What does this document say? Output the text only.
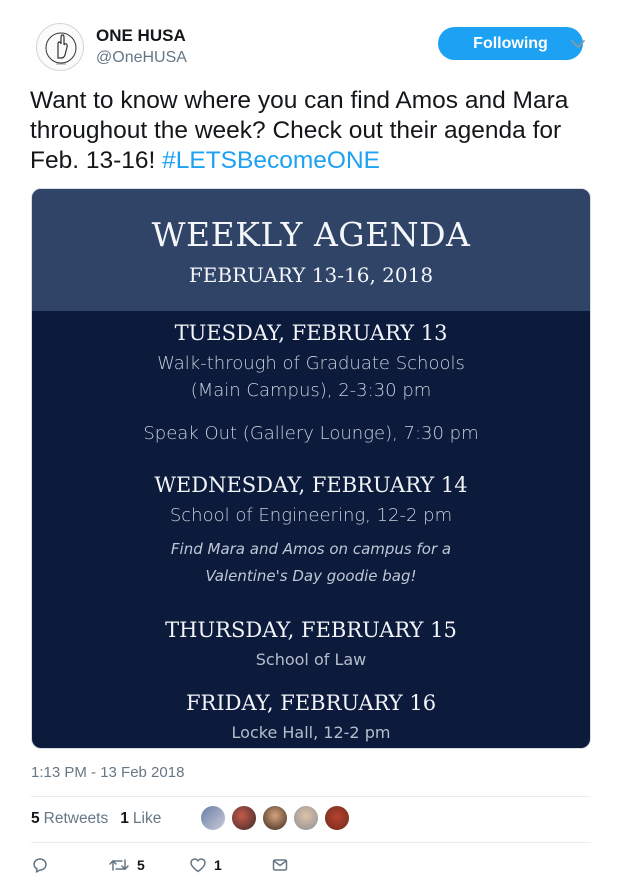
ONE HUSA
@OneHUSA
Following
Want to know where you can find Amos and Mara throughout the week? Check out their agenda for Feb. 13-16! #LETSBecomeONE
WEEKLY AGENDA
FEBRUARY 13-16, 2018
TUESDAY, FEBRUARY 13
Walk-through of Graduate Schools
(Main Campus), 2-3:30 pm
Speak Out (Gallery Lounge), 7:30 pm
WEDNESDAY, FEBRUARY 14
School of Engineering, 12-2 pm
Find Mara and Amos on campus for a
Valentine's Day goodie bag!
THURSDAY, FEBRUARY 15
School of Law
FRIDAY, FEBRUARY 16
Locke Hall, 12-2 pm
1:13 PM - 13 Feb 2018
5 Retweets 1 Like
5	1
